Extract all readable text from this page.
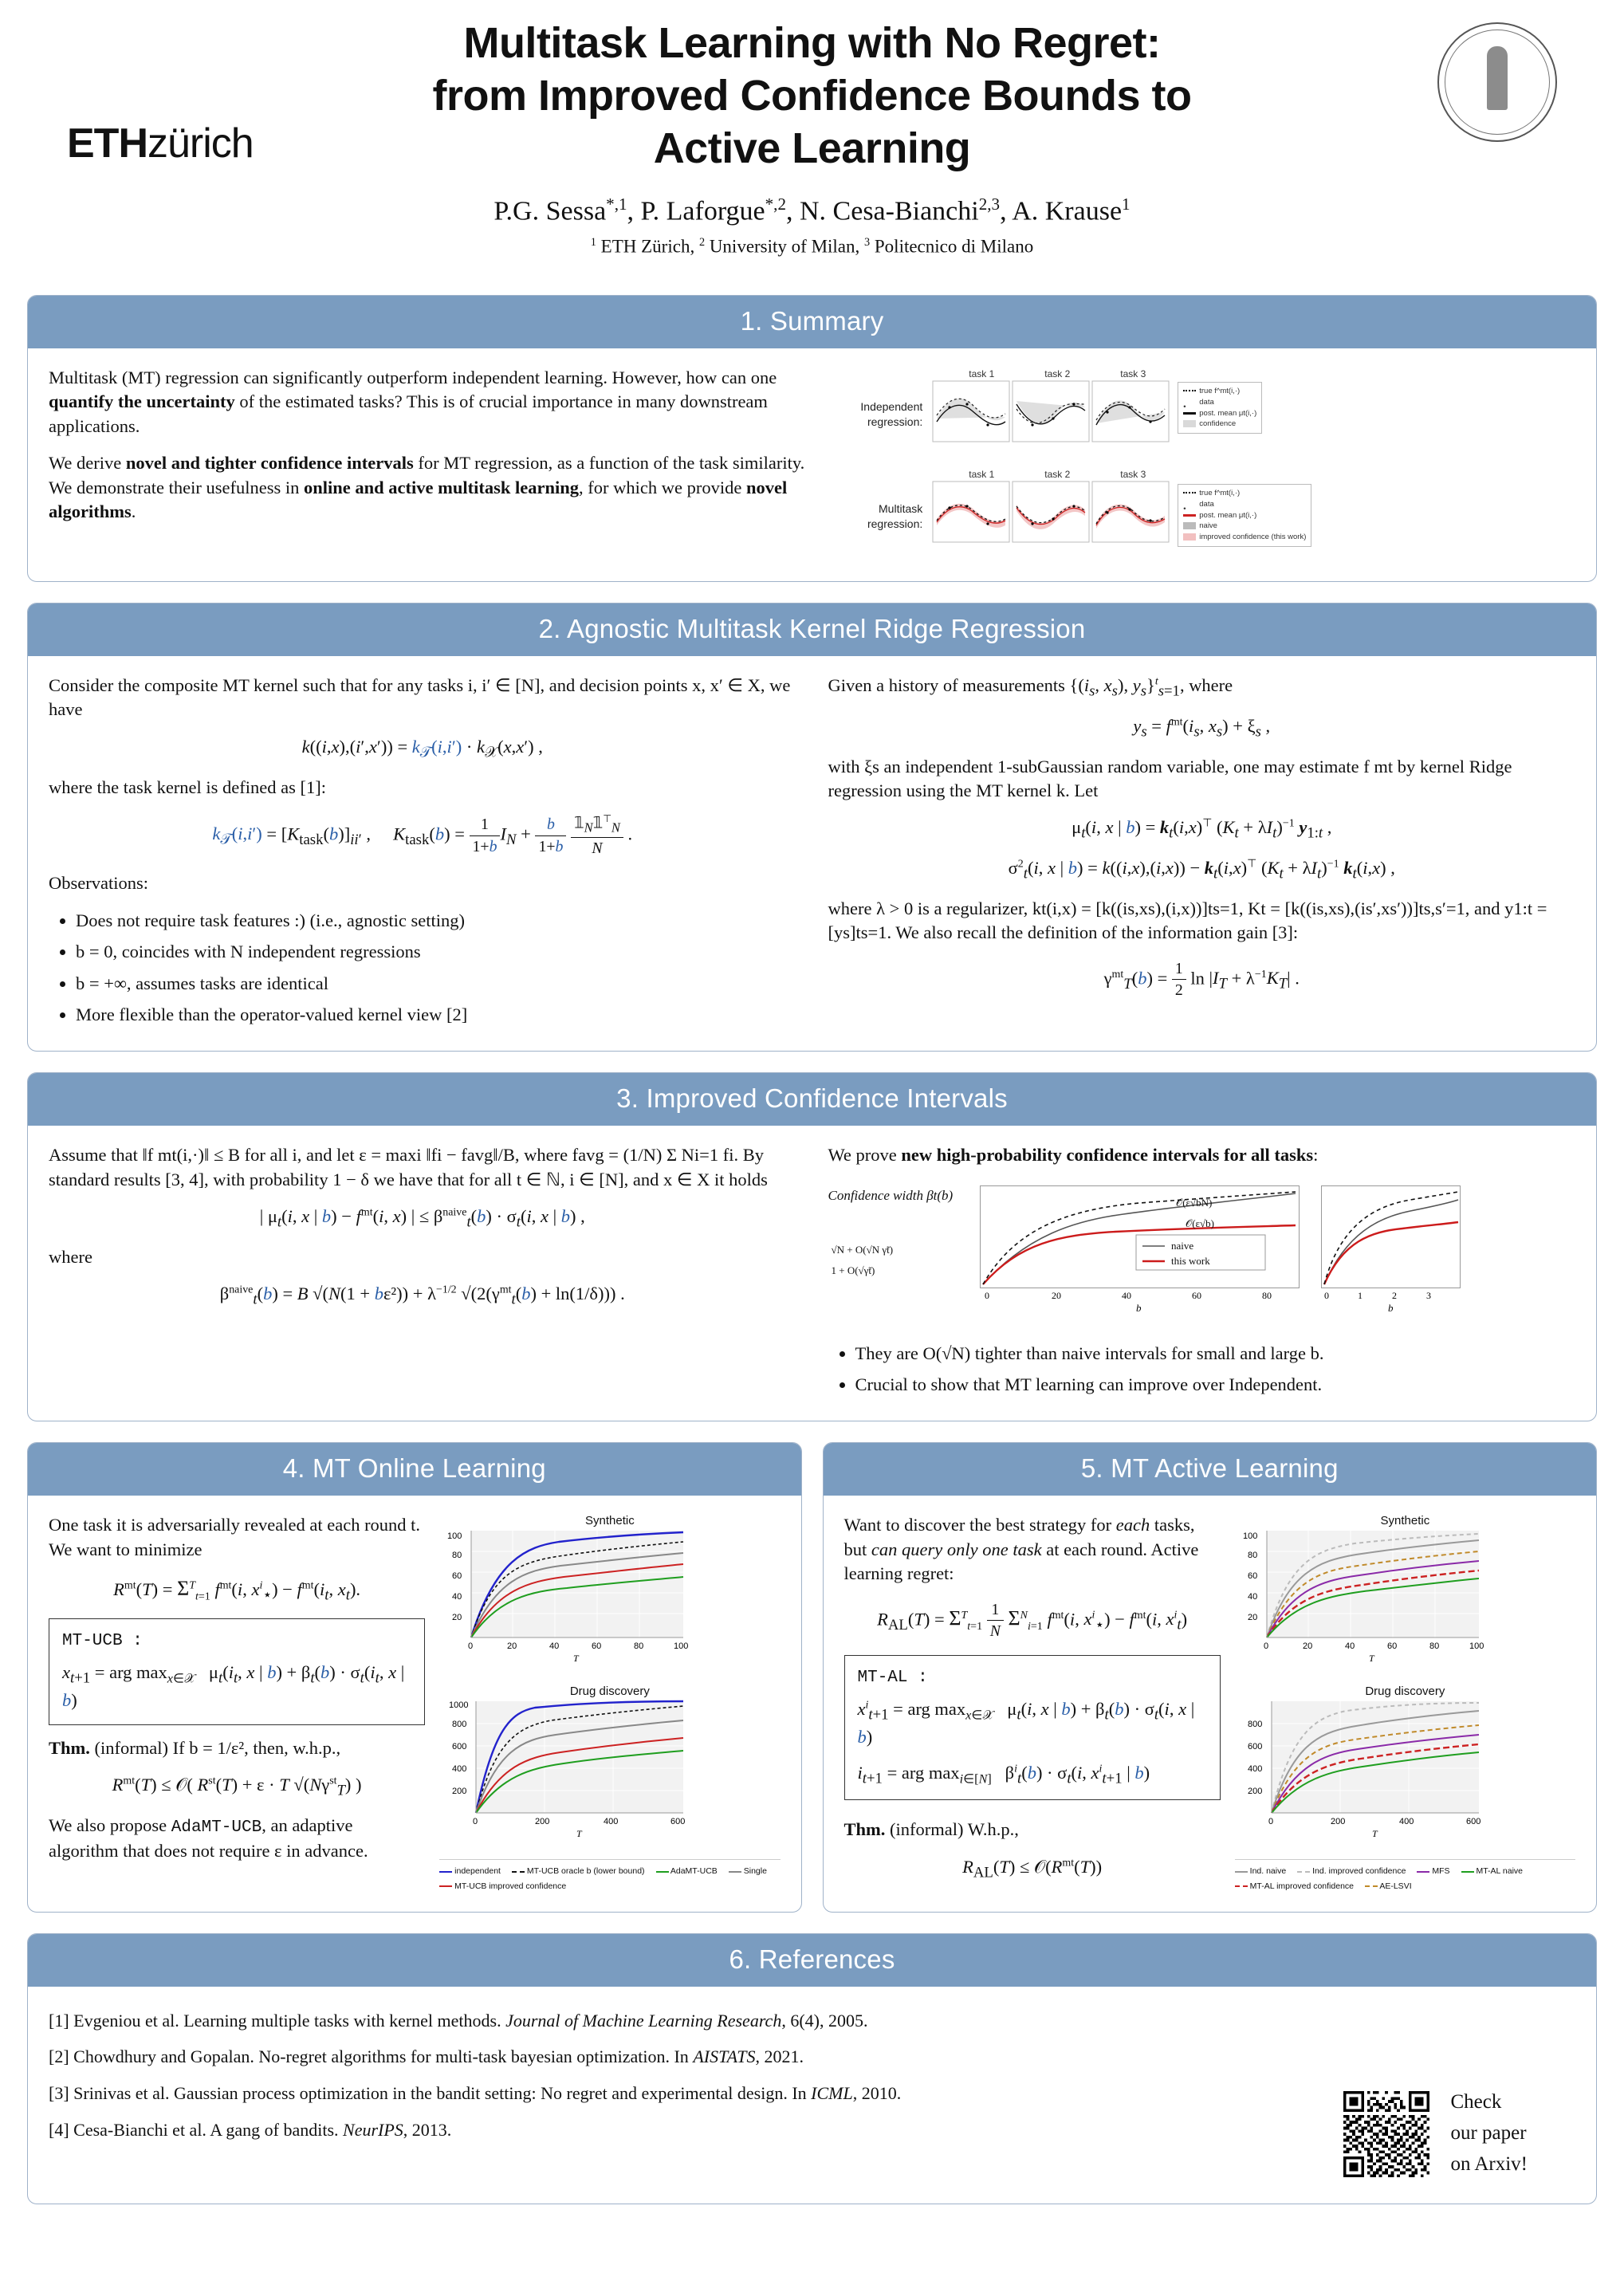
ETHzürich
Multitask Learning with No Regret:
from Improved Confidence Bounds to
Active Learning
P.G. Sessa$^{*,1}$, P. Laforgue$^{*,2}$, N. Cesa-Bianchi$^{2,3}$, A. Krause$^1$
$^1$ ETH Zürich, $^2$ University of Milan, $^3$ Politecnico di Milano
1. Summary

Multitask (MT) regression can significantly outperform independent learning. However, how can one quantify the uncertainty of the estimated tasks? This is of crucial importance in many downstream applications.

We derive novel and tighter confidence intervals for MT regression, as a function of the task similarity. We demonstrate their usefulness in online and active multitask learning, for which we provide novel algorithms.

Independent regression:
Multitask regression:
task 1	task 2	task 3
true f^mt(i,·)
•data
post. mean μt(i,·)
confidence
task 1	task 2	task 3
true f^mt(i,·)
•data
post. mean μt(i,·)
naive
improved confidence (this work)
2. Agnostic Multitask Kernel Ridge Regression

Consider the composite MT kernel such that for any tasks i, i′ ∈ [N], and decision points x, x′ ∈ X, we have

$k((i,x),(i',x')) = k_𝒯(i,i') \cdot k_𝒳(x,x')$ ,

where the task kernel is defined as [1]:

$k_𝒯(i,i') = [K_{task}(b)]_{ii'}$ ,     $K_{task}(b) = \frac{1}{1+b} I_N + \frac{b}{1+b}$
$\frac{𝟙_N𝟙^⊤_N}{N}$ .

Observations:

• Does not require task features :) (i.e., agnostic setting)
• b = 0, coincides with N independent regressions
• b = +∞, assumes tasks are identical
• More flexible than the operator-valued kernel view [2]

Given a history of measurements {($i_s$, $x_s$), $y_s\}^t_{s=1}$, where

$y_s = f^{mt}(i_s$, $x_s) + \xi_s$ ,

with ξs an independent 1-subGaussian random variable, one may estimate f mt by kernel Ridge regression using the MT kernel k. Let

$\mu_t(i$, x | $b) = k_t(i,x)^⊤$ $(K_t + \lambda I_t)^{-1}$ $y_{1:t}$ ,
$\sigma^2_t(i$, x | $b) = k((i,x),(i,x)) - k_t(i,x)^⊤$ $(K_t + \lambda I_t)^{-1}$ $k_t(i,x)$ ,

where λ > 0 is a regularizer, kt(i,x) = [k((is,xs),(i,x))]ts=1, Kt = [k((is,xs),(is′,xs′))]ts,s′=1, and y1:t = [ys]ts=1. We also recall the definition of the information gain [3]:

$\gamma^{mt}_T(b) = \frac{1}{2}$ $\ln |I_T + \lambda^{-1}K_T|$ .
3. Improved Confidence Intervals

Assume that ‖f mt(i,·)‖ ≤ B for all i, and let ε = maxi ‖fi − favg‖/B, where favg = (1/N) Σ Ni=1 fi. By standard results [3, 4], with probability 1 − δ we have that for all t ∈ ℕ, i ∈ [N], and x ∈ X it holds

| $\mu_t(i$, x | $b) - f^{mt}(i$, x) | ≤ $\beta^{naive}_t(b) \cdot \sigma_t(i$, x | b) ,

where

$\beta^{naive}_t(b) = B$ $√(N(1 + b\varepsilon^2)) + \lambda^{-1/2}$ $√(2(\gamma^{mt}_t(b) + \ln(1/\delta)))$ .

We prove new high-probability confidence intervals for all tasks:

Confidence width βt(b)
√N + O(√N γ̃t)
1 + O(√γ̃t)
𝒪(ε√bN)
𝒪(ε√b)
naive
this work
0	20	40	60	80
b
0	1	2	3
b
• They are O(√N) tighter than naive intervals for small and large b.
• Crucial to show that MT learning can improve over Independent.
4. MT Online Learning

One task it is adversarially revealed at each round t. We want to minimize

$R^{mt}(T) = \Sigma^T_{t=1}$ $f^{mt}(i$, $x^i_⋆) - f^{mt}(i_t$, $x_t$).
MT-UCB :
$x_{t+1}$ = arg $\max_{x\in 𝒳} \mu_t(i_t$, x | $b) + \beta_t(b) \cdot \sigma_t(i_t$, x | b)

Thm. (informal) If b = 1/ε², then, w.h.p.,

$R^{mt}(T)$ ≤ 𝒪( $R^{st}(T) + \varepsilon \cdot T$ $√(N\gamma^{st}_T)$ )

We also propose AdaMT-UCB, an adaptive algorithm that does not require ε in advance.

Synthetic
20
40
60
80
100
0	20	40	60	80	100
T
Drug discovery
200
400
600
800
1000
0	200	400	600
T
independent	MT-UCB oracle b (lower bound)	AdaMT-UCB	Single
MT-UCB improved confidence
5. MT Active Learning

Want to discover the best strategy for each tasks, but can query only one task at each round. Active learning regret:

$R_{AL}(T) = \Sigma^T_{t=1} \frac{1}{N} \Sigma^N_{i=1}$ $f^{mt}(i$, $x^i_⋆) - f^{mt}(i$, $x^i_t$)
MT-AL :
$x^i_{t+1}$ = arg $\max_{x\in 𝒳} \mu_t(i$, x | $b) + \beta_t(b) \cdot \sigma_t(i$, x | b)
$i_{t+1}$ = arg $\max_{i\in[N]} \beta^i_t(b) \cdot \sigma_t(i$, $x^i_{t+1}$ | b)

Thm. (informal) W.h.p.,

$R_{AL}(T)$ ≤ $𝒪(R^{mt}(T))$
Synthetic
20
40
60
80
100
0	20	40	60	80	100
T
Drug discovery
200
400
600
800
0	200	400	600
T
Ind. naive	Ind. improved confidence	MFS	MT-AL naive
MT-AL improved confidence	AE-LSVI
6. References
[1] Evgeniou et al. Learning multiple tasks with kernel methods. Journal of Machine Learning Research, 6(4), 2005.
[2] Chowdhury and Gopalan. No-regret algorithms for multi-task bayesian optimization. In AISTATS, 2021.
[3] Srinivas et al. Gaussian process optimization in the bandit setting: No regret and experimental design. In ICML, 2010.
[4] Cesa-Bianchi et al. A gang of bandits. NeurIPS, 2013.
Check
our paper
on Arxiv!
